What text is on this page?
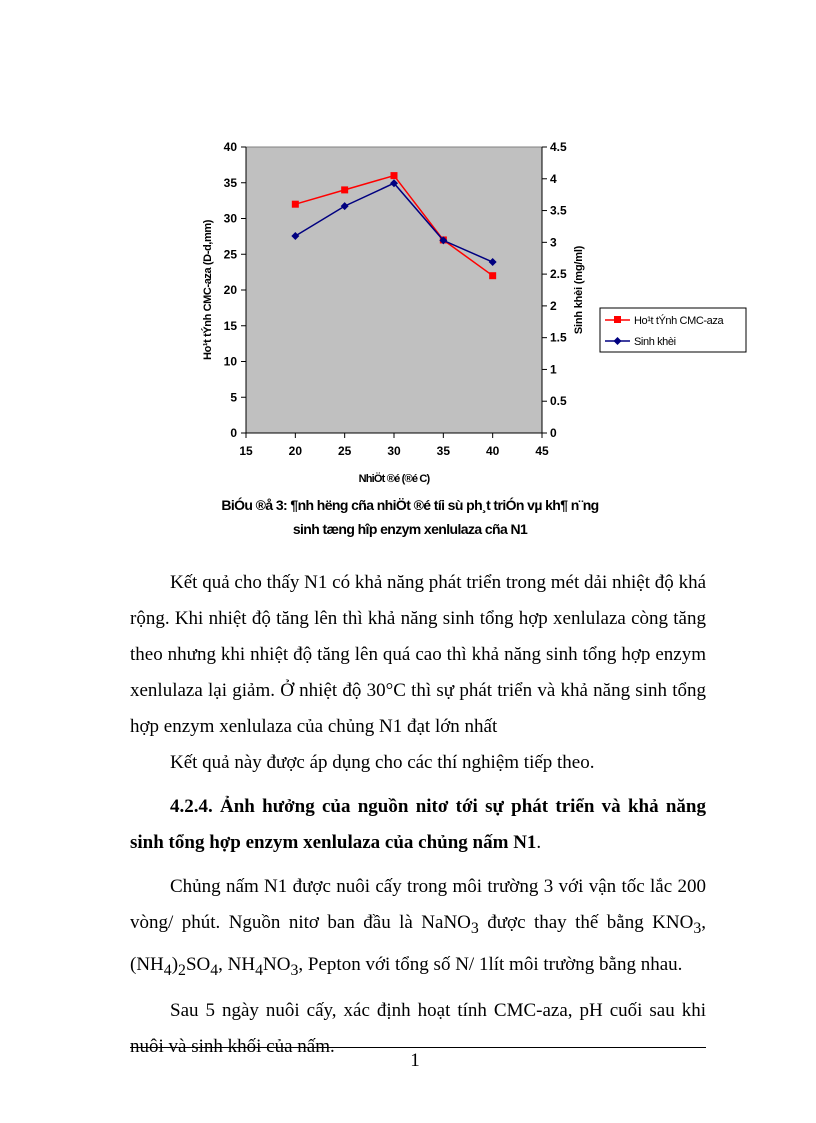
0
5
10
15
20
25
30
35
40
0
0.5
1
1.5
2
2.5
3
3.5
4
4.5
15	20	25	30	35	40	45
NhiÖt ®é (®é C)
Ho¹t tÝnh CMC-aza (D-d,mm)	Sinh khèi (mg/ml)	Ho¹t tÝnh CMC-aza
Sinh khèi
BiÓu ®å 3: ¶nh hëng cña nhiÖt ®é tíi sù ph¸t triÓn vµ kh¶ n¨ng
sinh tæng hîp enzym xenlulaza cña N1

Kết quả cho thấy N1 có khả năng phát triển trong mét dải nhiệt độ khá rộng. Khi nhiệt độ tăng lên thì khả năng sinh tổng hợp xenlulaza còng tăng theo nhưng khi nhiệt độ tăng lên quá cao thì khả năng sinh tổng hợp enzym xenlulaza lại giảm. Ở nhiệt độ 30°C thì sự phát triển và khả năng sinh tổng hợp enzym xenlulaza của chủng N1 đạt lớn nhất

Kết quả này được áp dụng cho các thí nghiệm tiếp theo.

4.2.4. Ảnh hưởng của nguồn nitơ tới sự phát triển và khả năng sinh tổng hợp enzym xenlulaza của chủng nấm N1.

Chủng nấm N1 được nuôi cấy trong môi trường 3 với vận tốc lắc 200 vòng/ phút. Nguồn nitơ ban đầu là NaNO$_3$ được thay thế bằng $KNO_3$, $(NH_4)_2SO_4$, $NH_4NO_3$, Pepton với tổng số N/ 1lít môi trường bằng nhau.

Sau 5 ngày nuôi cấy, xác định hoạt tính CMC-aza, pH cuối sau khi nuôi và sinh khối của nấm.

1
